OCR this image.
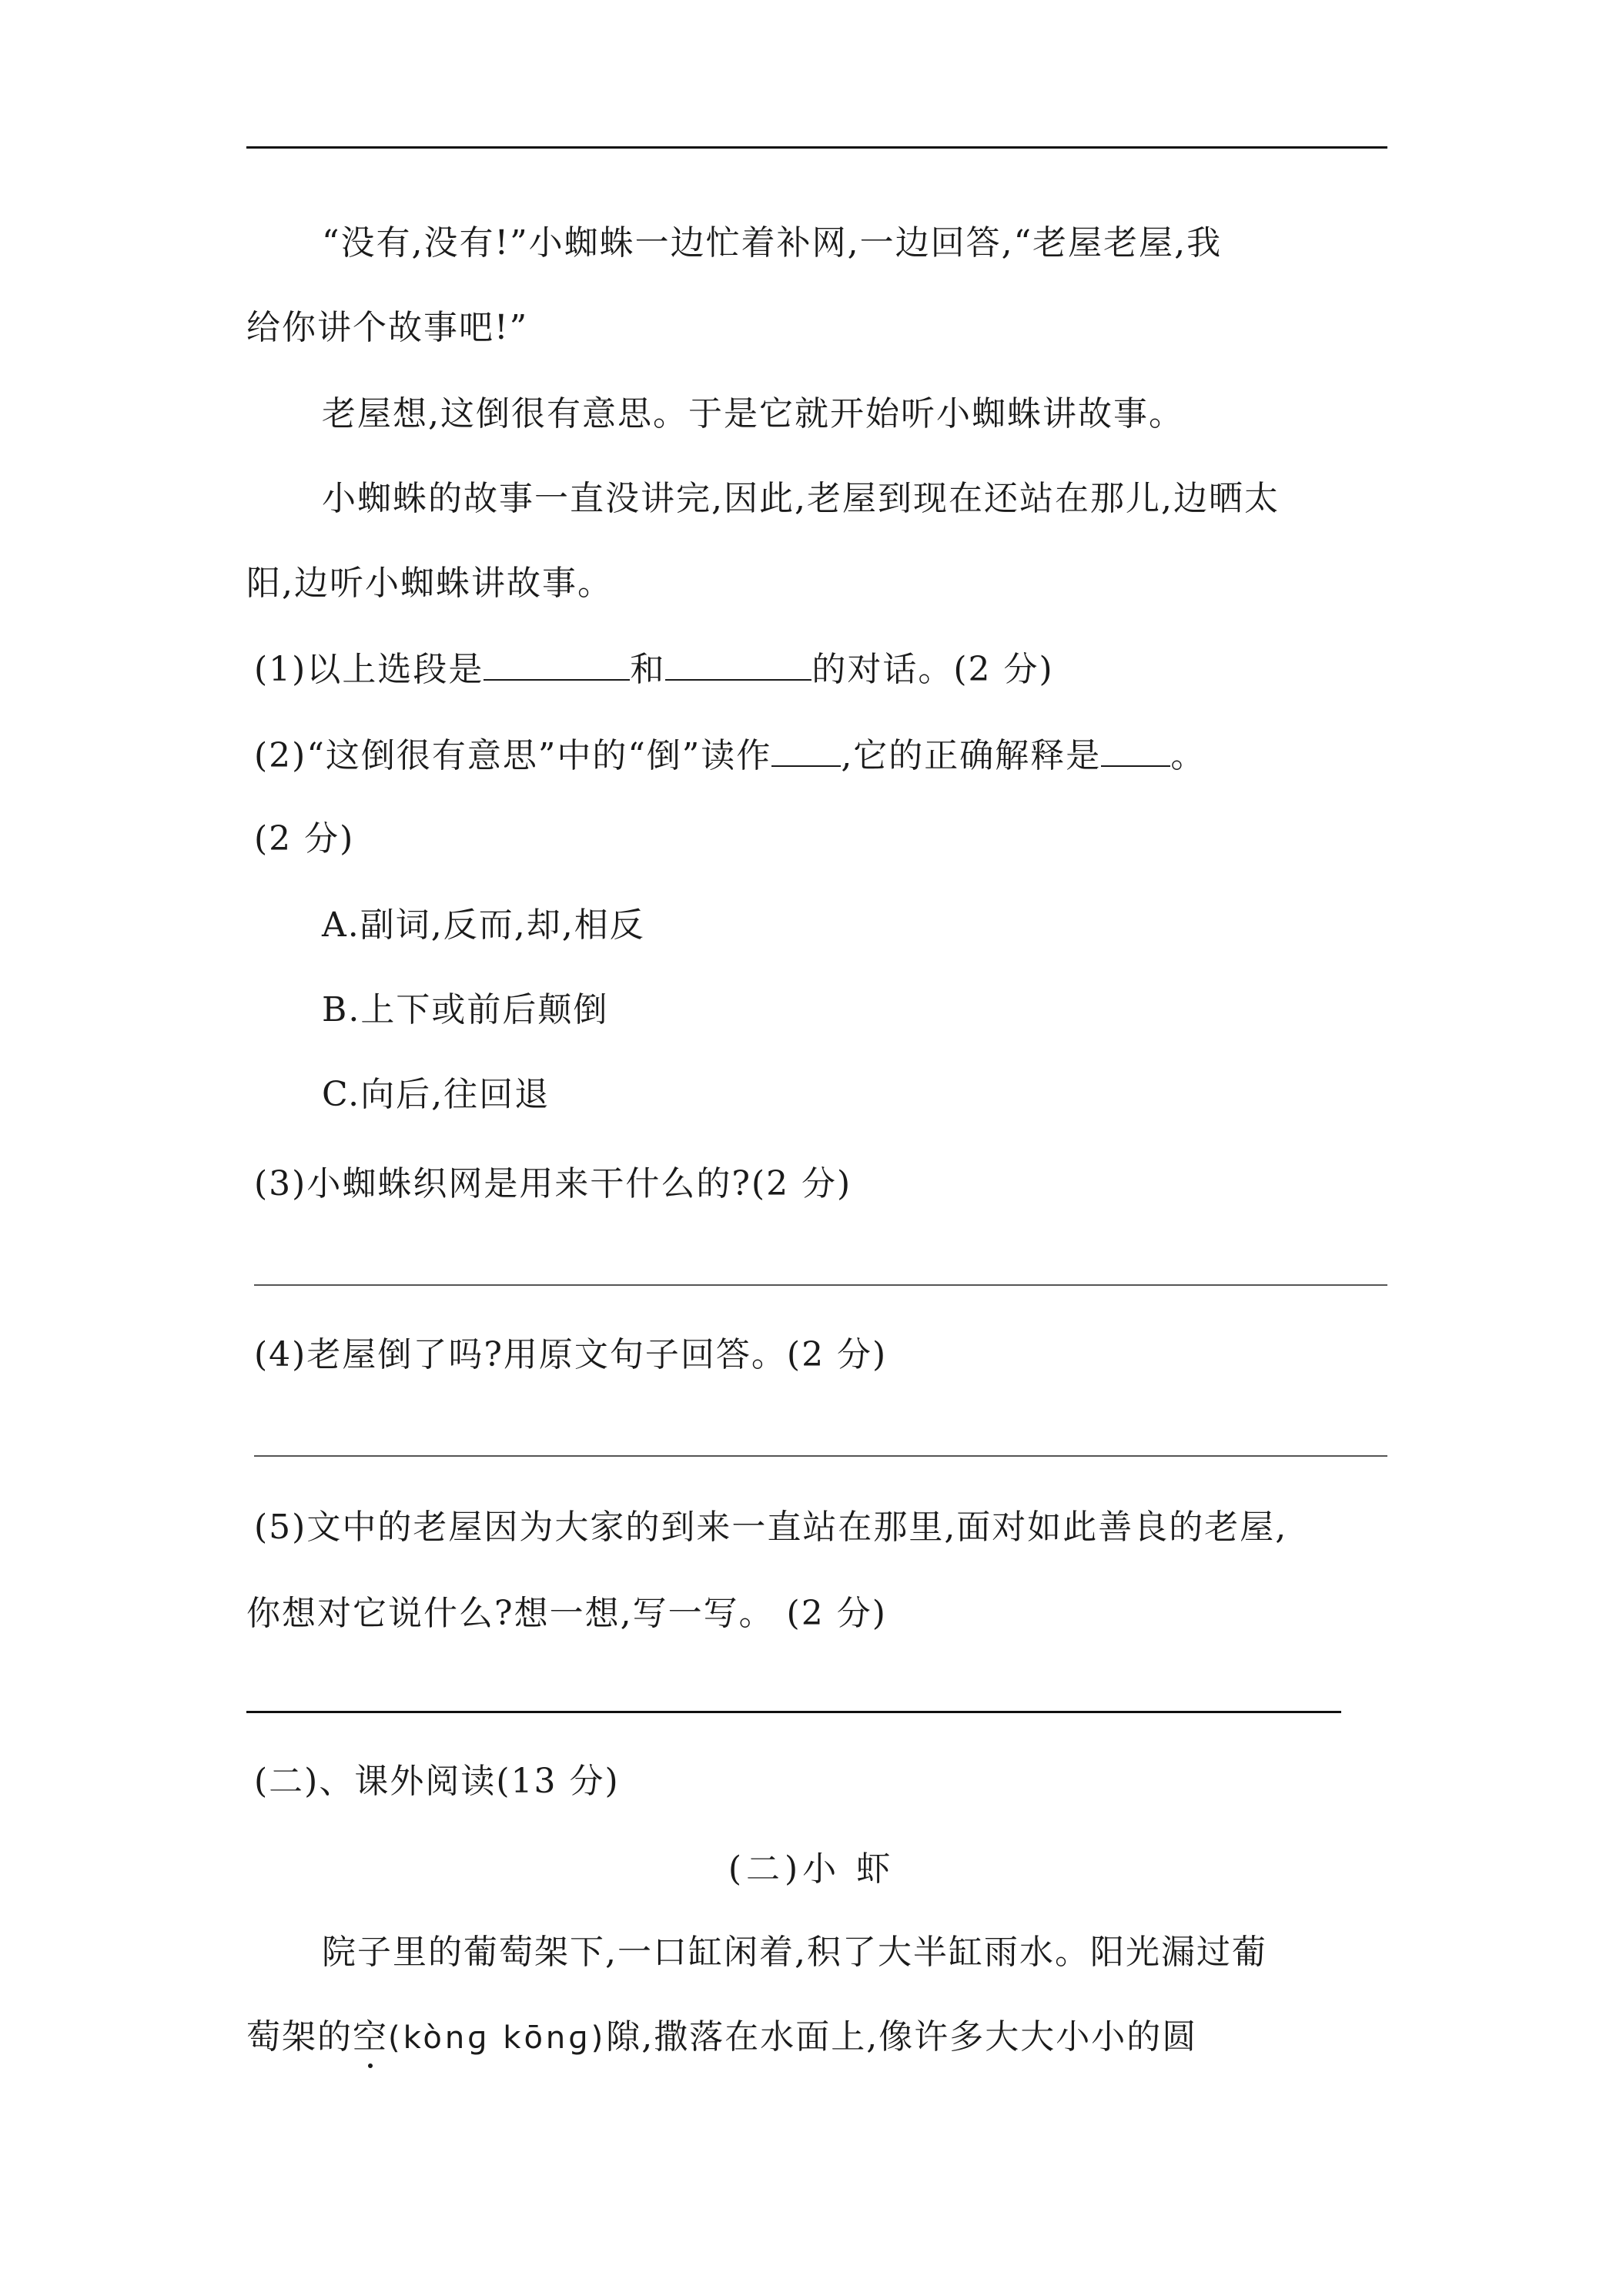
“没有,没有!”小蜘蛛一边忙着补网,一边回答,“老屋老屋,我
给你讲个故事吧!”
老屋想,这倒很有意思。于是它就开始听小蜘蛛讲故事。
小蜘蛛的故事一直没讲完,因此,老屋到现在还站在那儿,边晒太
阳,边听小蜘蛛讲故事。
(1)以上选段是	和	的对话。(2 分)
(2)“这倒很有意思”中的“倒”读作 ,它的正确解释是 。
(2 分)
A.副词,反而,却,相反
B.上下或前后颠倒
C.向后,往回退
(3)小蜘蛛织网是用来干什么的?(2 分)
(4)老屋倒了吗?用原文句子回答。(2 分)
(5)文中的老屋因为大家的到来一直站在那里,面对如此善良的老屋,
你想对它说什么?想一想,写一写。 (2 分)
(二)、课外阅读(13 分)
(二)小 虾
院子里的葡萄架下,一口缸闲着,积了大半缸雨水。阳光漏过葡
萄架的空(kònɡ kōnɡ)隙,撒落在水面上,像许多大大小小的圆
